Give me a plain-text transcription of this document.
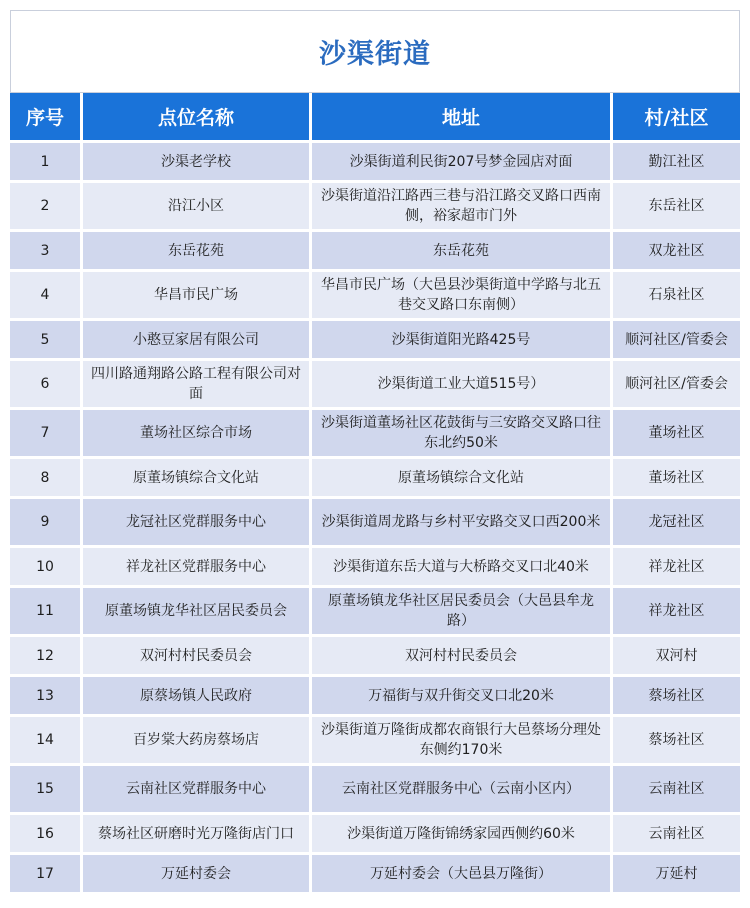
沙渠街道
序号	点位名称	地址	村/社区
1	沙渠老学校	沙渠街道利民街207号梦金园店对面	勤江社区
2	沿江小区	沙渠街道沿江路西三巷与沿江路交叉路口西南侧，裕家超市门外	东岳社区
3	东岳花苑	东岳花苑	双龙社区
4	华昌市民广场	华昌市民广场（大邑县沙渠街道中学路与北五巷交叉路口东南侧）	石泉社区
5	小憨豆家居有限公司	沙渠街道阳光路425号	顺河社区/管委会
6	四川路通翔路公路工程有限公司对面	沙渠街道工业大道515号）	顺河社区/管委会
7	董场社区综合市场	沙渠街道董场社区花鼓街与三安路交叉路口往东北约50米	董场社区
8	原董场镇综合文化站	原董场镇综合文化站	董场社区
9	龙冠社区党群服务中心	沙渠街道周龙路与乡村平安路交叉口西200米	龙冠社区
10	祥龙社区党群服务中心	沙渠街道东岳大道与大桥路交叉口北40米	祥龙社区
11	原董场镇龙华社区居民委员会	原董场镇龙华社区居民委员会（大邑县牟龙路）	祥龙社区
12	双河村村民委员会	双河村村民委员会	双河村
13	原蔡场镇人民政府	万福街与双升街交叉口北20米	蔡场社区
14	百岁棠大药房蔡场店	沙渠街道万隆街成都农商银行大邑蔡场分理处东侧约170米	蔡场社区
15	云南社区党群服务中心	云南社区党群服务中心（云南小区内）	云南社区
16	蔡场社区研磨时光万隆街店门口	沙渠街道万隆街锦绣家园西侧约60米	云南社区
17	万延村委会	万延村委会（大邑县万隆街）	万延村
